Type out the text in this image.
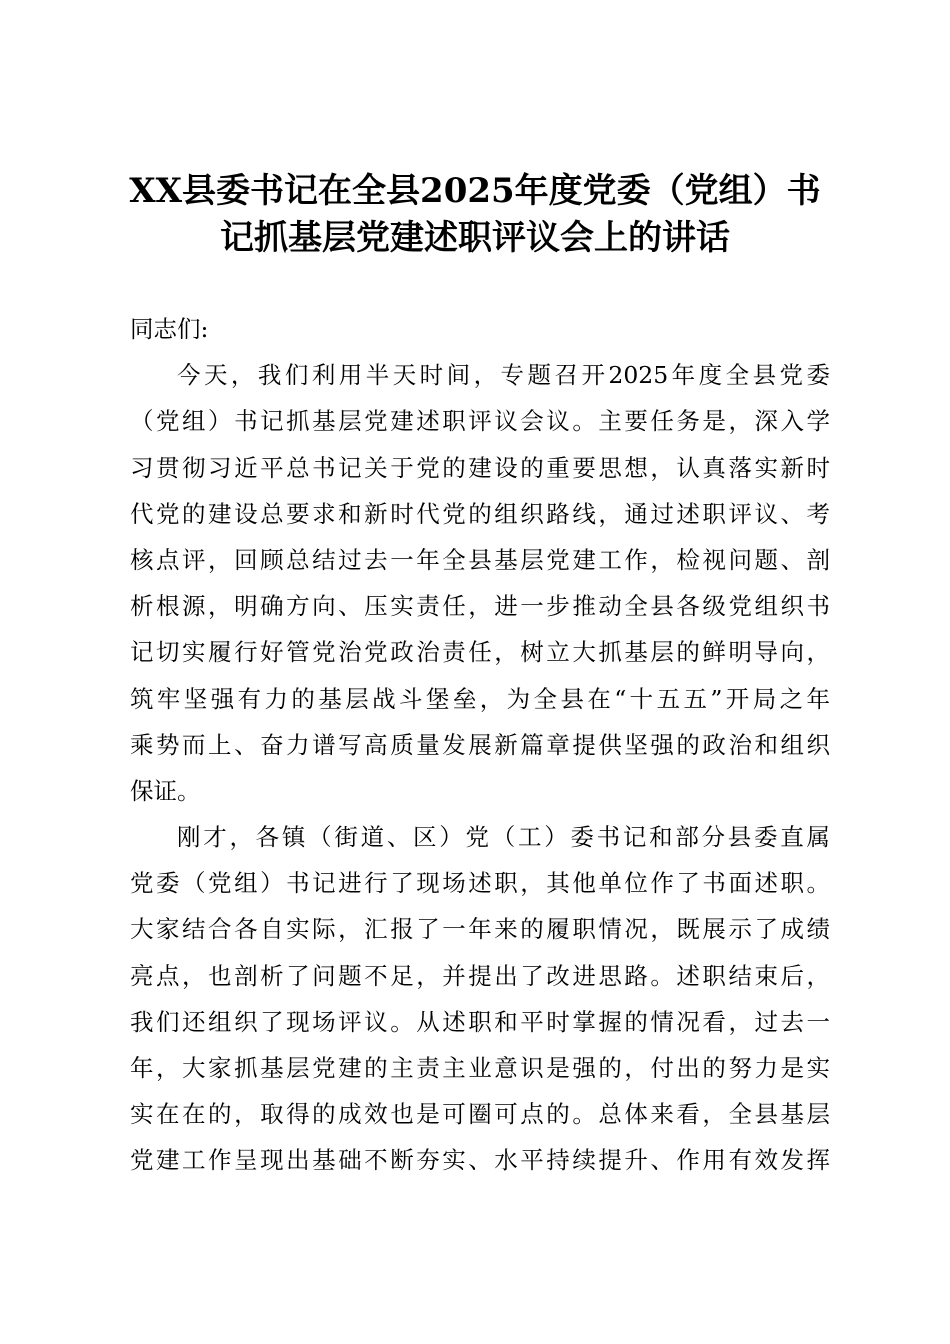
XX县委书记在全县2025年度党委（党组）书
记抓基层党建述职评议会上的讲话
同志们:
今天，我们利用半天时间，专题召开2025年度全县党委
（党组）书记抓基层党建述职评议会议。主要任务是，深入学
习贯彻习近平总书记关于党的建设的重要思想，认真落实新时
代党的建设总要求和新时代党的组织路线，通过述职评议、考
核点评，回顾总结过去一年全县基层党建工作，检视问题、剖
析根源，明确方向、压实责任，进一步推动全县各级党组织书
记切实履行好管党治党政治责任，树立大抓基层的鲜明导向，
筑牢坚强有力的基层战斗堡垒，为全县在“十五五”开局之年
乘势而上、奋力谱写高质量发展新篇章提供坚强的政治和组织
保证。
刚才，各镇（街道、区）党（工）委书记和部分县委直属
党委（党组）书记进行了现场述职，其他单位作了书面述职。
大家结合各自实际，汇报了一年来的履职情况，既展示了成绩
亮点，也剖析了问题不足，并提出了改进思路。述职结束后，
我们还组织了现场评议。从述职和平时掌握的情况看，过去一
年，大家抓基层党建的主责主业意识是强的，付出的努力是实
实在在的，取得的成效也是可圈可点的。总体来看，全县基层
党建工作呈现出基础不断夯实、水平持续提升、作用有效发挥
